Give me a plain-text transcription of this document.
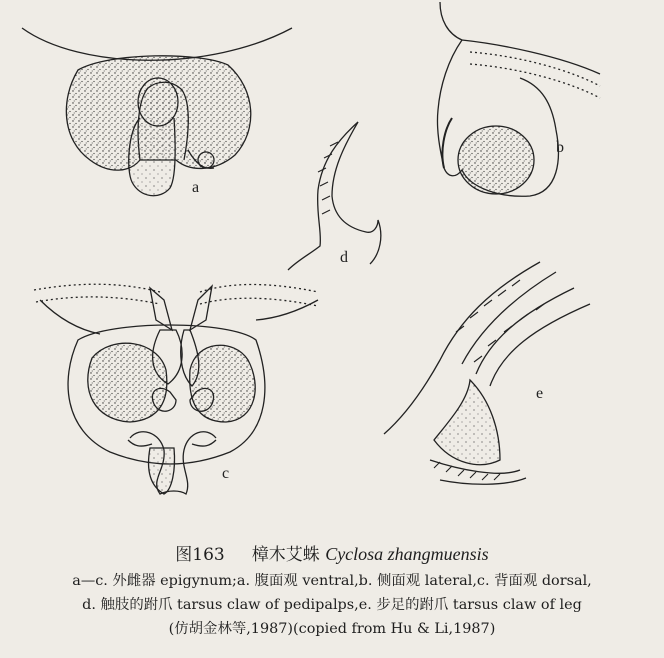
a
b
d
c
e
图163 樟木艾蛛 Cyclosa zhangmuensis
a—c. 外雌器 epigynum;a. 腹面观 ventral,b. 侧面观 lateral,c. 背面观 dorsal,
d. 触肢的跗爪 tarsus claw of pedipalps,e. 步足的跗爪 tarsus claw of leg
(仿胡金林等,1987)(copied from Hu & Li,1987)
